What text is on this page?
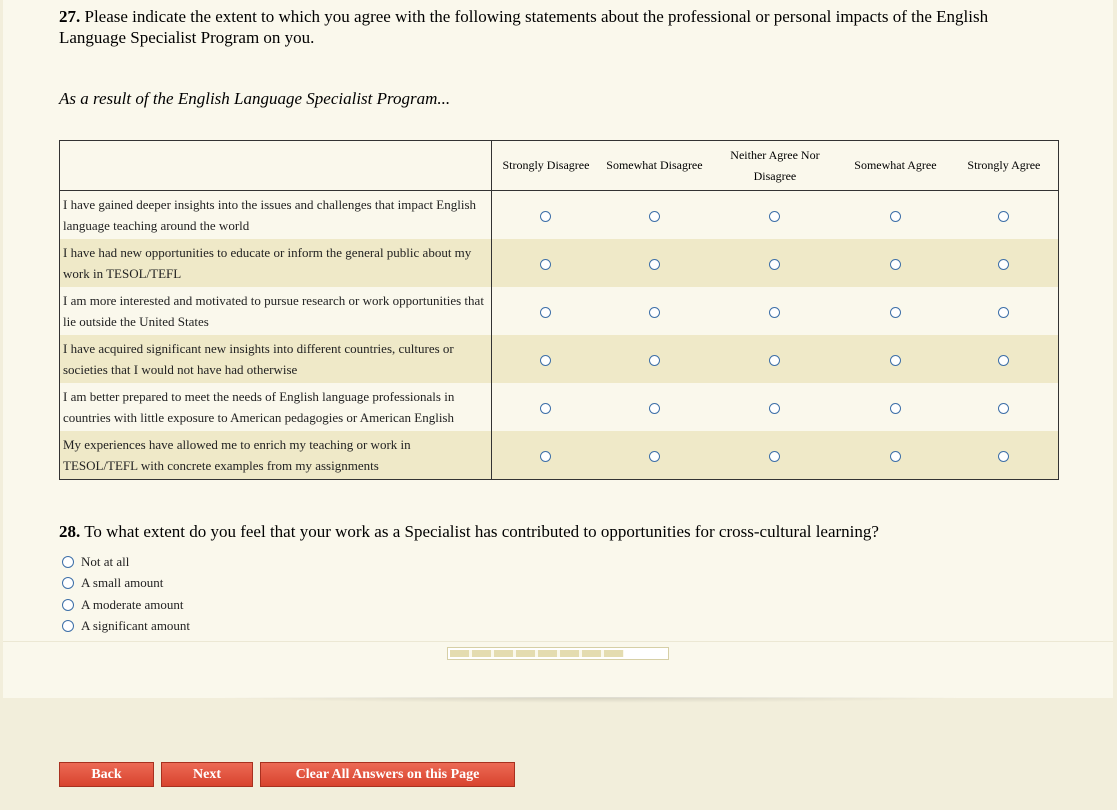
27. Please indicate the extent to which you agree with the following statements about the professional or personal impacts of the English Language Specialist Program on you.
As a result of the English Language Specialist Program...
	Strongly Disagree	Somewhat Disagree	Neither Agree Nor Disagree	Somewhat Agree	Strongly Agree
I have gained deeper insights into the issues and challenges that impact English language teaching around the world					
I have had new opportunities to educate or inform the general public about my work in TESOL/TEFL					
I am more interested and motivated to pursue research or work opportunities that lie outside the United States					
I have acquired significant new insights into different countries, cultures or societies that I would not have had otherwise					
I am better prepared to meet the needs of English language professionals in countries with little exposure to American pedagogies or American English					
My experiences have allowed me to enrich my teaching or work in TESOL/TEFL with concrete examples from my assignments					
28. To what extent do you feel that your work as a Specialist has contributed to opportunities for cross-cultural learning?
Not at all
A small amount
A moderate amount
A significant amount
Back	Next	Clear All Answers on this Page
